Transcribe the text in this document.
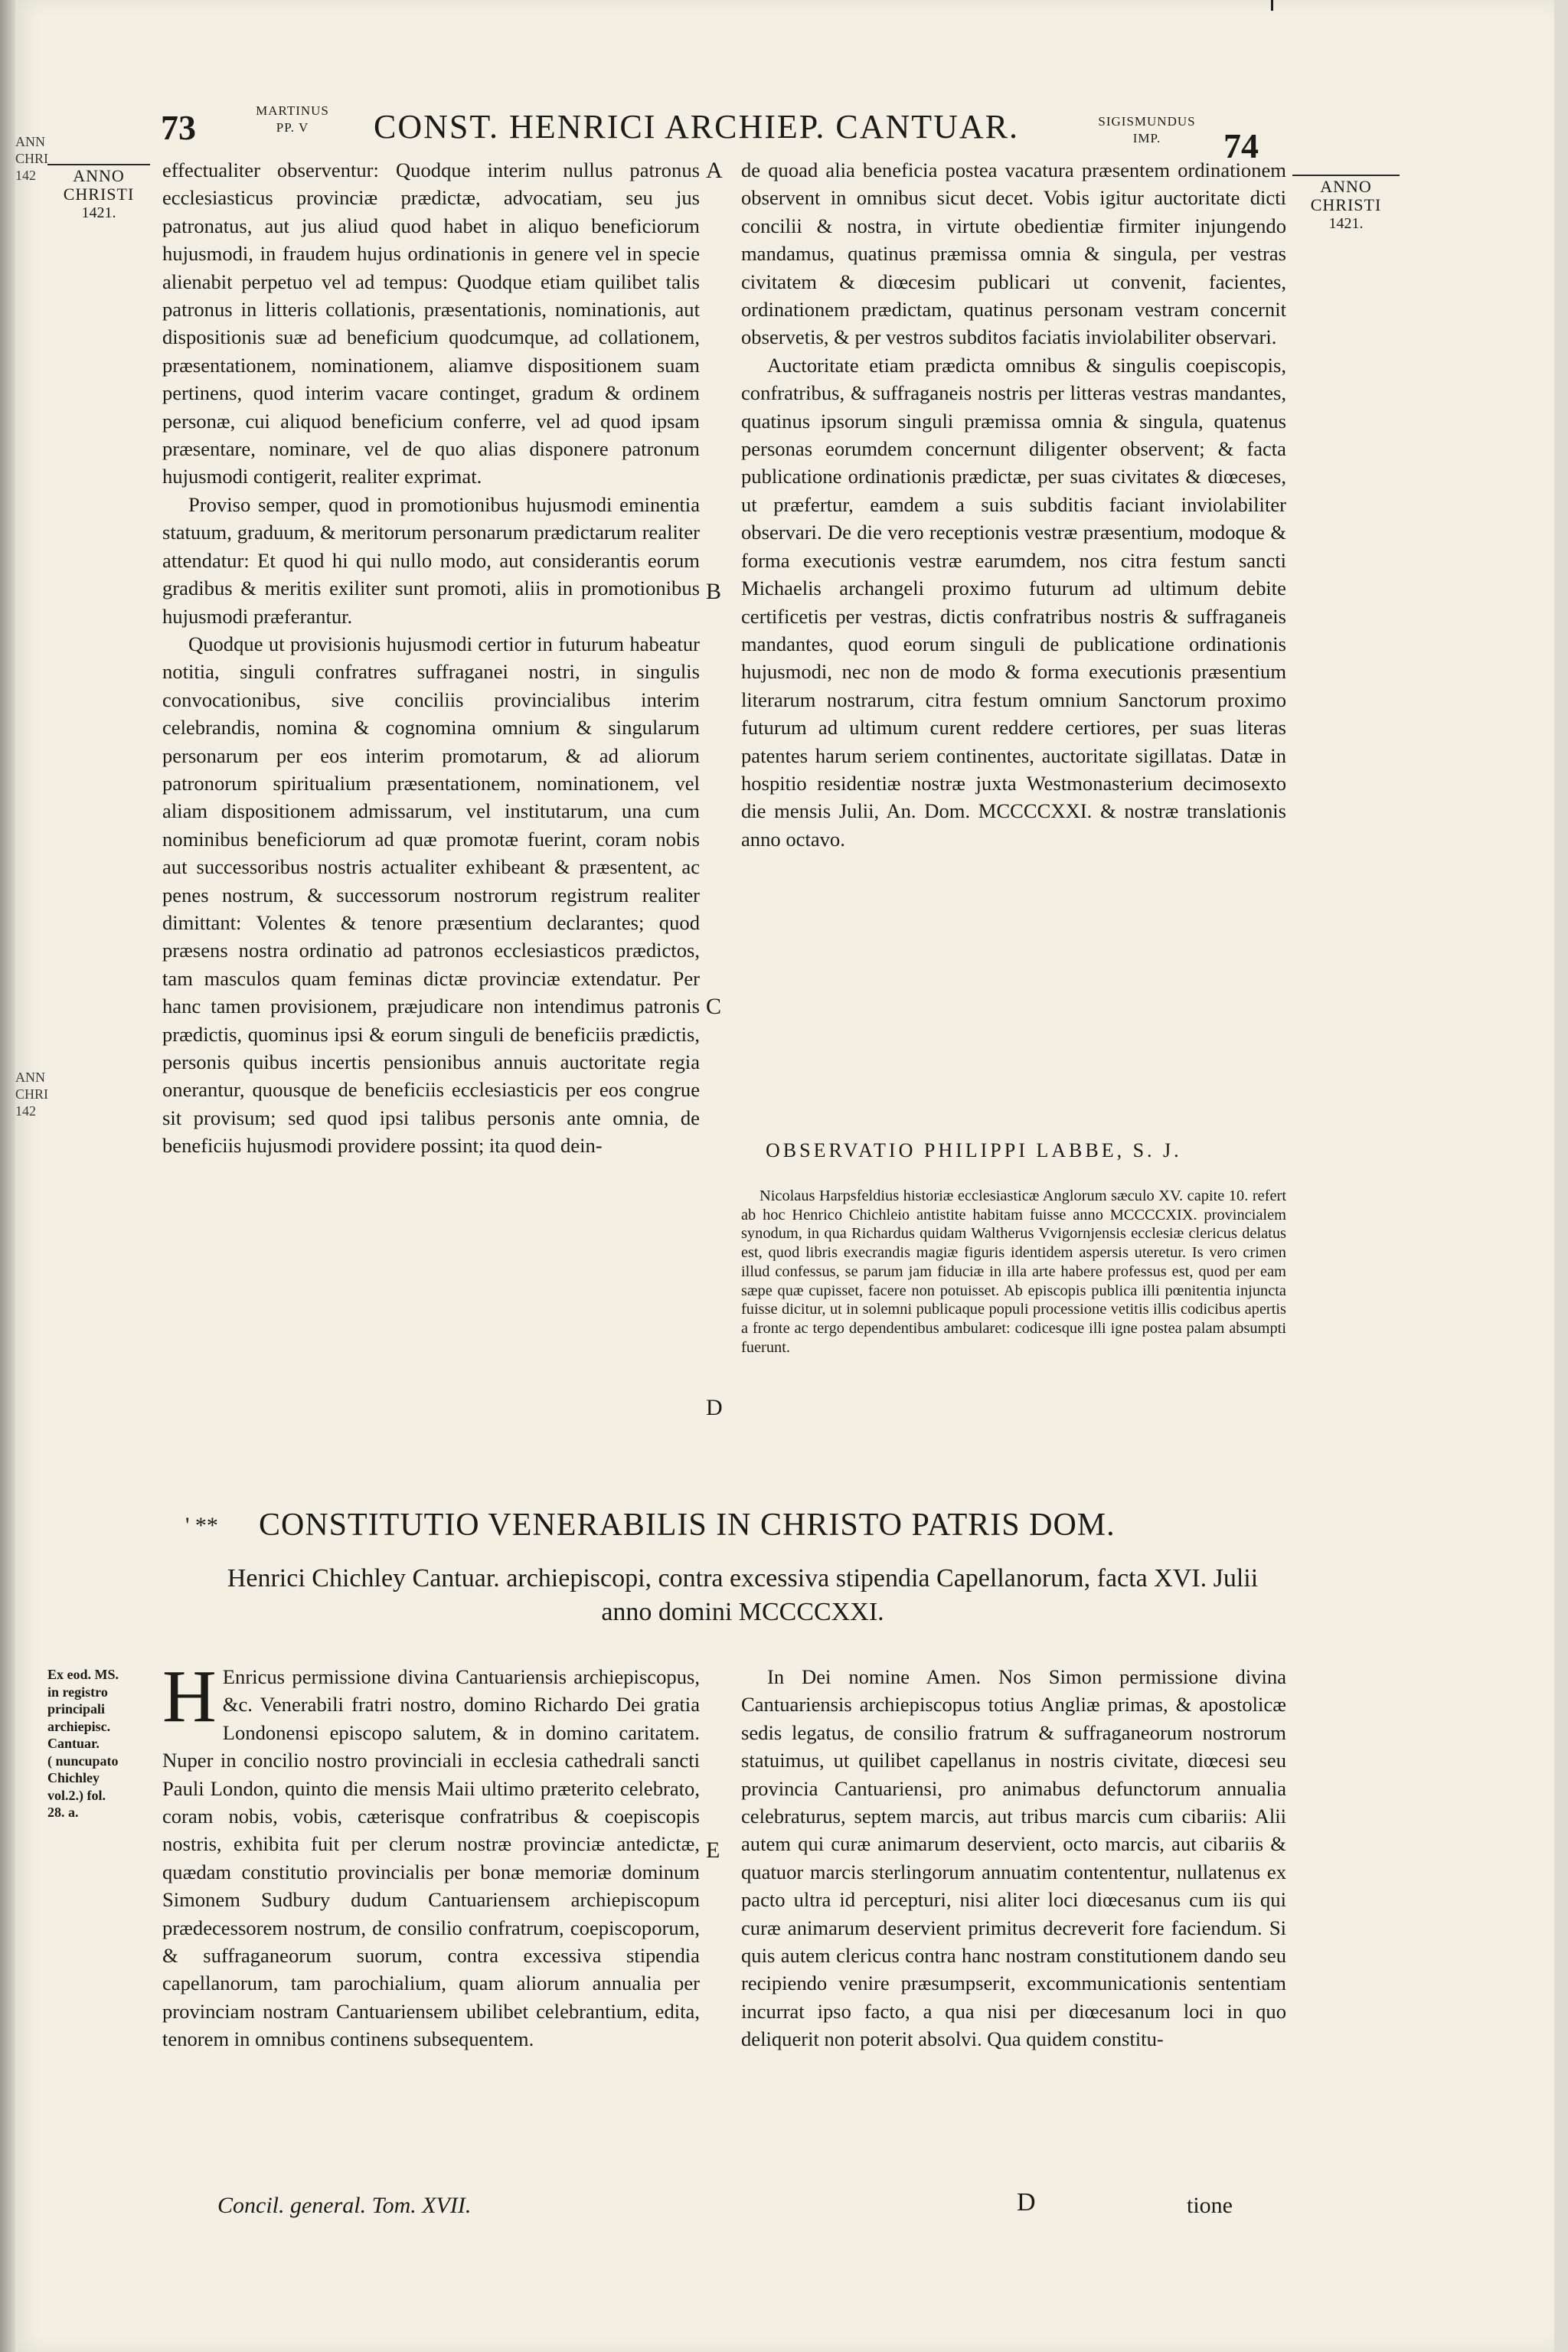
ANN
CHRI
142
ANN
CHRI
142
73	MARTINUS
PP. V	CONST. HENRICI ARCHIEP. CANTUAR.	SIGISMUNDUS
IMP.	74
ANNO
CHRISTI
1421.
ANNO
CHRISTI
1421.
A
B
C
D
E

effectualiter observentur: Quodque interim nullus patronus ecclesiasticus provinciæ prædictæ, advocatiam, seu jus patronatus, aut jus aliud quod habet in aliquo beneficiorum hujusmodi, in fraudem hujus ordinationis in genere vel in specie alienabit perpetuo vel ad tempus: Quodque etiam quilibet talis patronus in litteris collationis, præsentationis, nominationis, aut dispositionis suæ ad beneficium quodcumque, ad collationem, præsentationem, nominationem, aliamve dispositionem suam pertinens, quod interim vacare continget, gradum & ordinem personæ, cui aliquod beneficium conferre, vel ad quod ipsam præsentare, nominare, vel de quo alias disponere patronum hujusmodi contigerit, realiter exprimat.

Proviso semper, quod in promotionibus hujusmodi eminentia statuum, graduum, & meritorum personarum prædictarum realiter attendatur: Et quod hi qui nullo modo, aut considerantis eorum gradibus & meritis exiliter sunt promoti, aliis in promotionibus hujusmodi præferantur.

Quodque ut provisionis hujusmodi certior in futurum habeatur notitia, singuli confratres suffraganei nostri, in singulis convocationibus, sive conciliis provincialibus interim celebrandis, nomina & cognomina omnium & singularum personarum per eos interim promotarum, & ad aliorum patronorum spiritualium præsentationem, nominationem, vel aliam dispositionem admissarum, vel institutarum, una cum nominibus beneficiorum ad quæ promotæ fuerint, coram nobis aut successoribus nostris actualiter exhibeant & præsentent, ac penes nostrum, & successorum nostrorum registrum realiter dimittant: Volentes & tenore præsentium declarantes; quod præsens nostra ordinatio ad patronos ecclesiasticos prædictos, tam masculos quam feminas dictæ provinciæ extendatur. Per hanc tamen provisionem, præjudicare non intendimus patronis prædictis, quominus ipsi & eorum singuli de beneficiis prædictis, personis quibus incertis pensionibus annuis auctoritate regia onerantur, quousque de beneficiis ecclesiasticis per eos congrue sit provisum; sed quod ipsi talibus personis ante omnia, de beneficiis hujusmodi providere possint; ita quod dein-

de quoad alia beneficia postea vacatura præsentem ordinationem observent in omnibus sicut decet. Vobis igitur auctoritate dicti concilii & nostra, in virtute obedientiæ firmiter injungendo mandamus, quatinus præmissa omnia & singula, per vestras civitatem & diœcesim publicari ut convenit, facientes, ordinationem prædictam, quatinus personam vestram concernit observetis, & per vestros subditos faciatis inviolabiliter observari.

Auctoritate etiam prædicta omnibus & singulis coepiscopis, confratribus, & suffraganeis nostris per litteras vestras mandantes, quatinus ipsorum singuli præmissa omnia & singula, quatenus personas eorumdem concernunt diligenter observent; & facta publicatione ordinationis prædictæ, per suas civitates & diœceses, ut præfertur, eamdem a suis subditis faciant inviolabiliter observari. De die vero receptionis vestræ præsentium, modoque & forma executionis vestræ earumdem, nos citra festum sancti Michaelis archangeli proximo futurum ad ultimum debite certificetis per vestras, dictis confratribus nostris & suffraganeis mandantes, quod eorum singuli de publicatione ordinationis hujusmodi, nec non de modo & forma executionis præsentium literarum nostrarum, citra festum omnium Sanctorum proximo futurum ad ultimum curent reddere certiores, per suas literas patentes harum seriem continentes, auctoritate sigillatas. Datæ in hospitio residentiæ nostræ juxta Westmonasterium decimosexto die mensis Julii, An. Dom. MCCCCXXI. & nostræ translationis anno octavo.

OBSERVATIO PHILIPPI LABBE, S. J.

Nicolaus Harpsfeldius historiæ ecclesiasticæ Anglorum sæculo XV. capite 10. refert ab hoc Henrico Chichleio antistite habitam fuisse anno MCCCCXIX. provincialem synodum, in qua Richardus quidam Waltherus Vvigornjensis ecclesiæ clericus delatus est, quod libris execrandis magiæ figuris identidem aspersis uteretur. Is vero crimen illud confessus, se parum jam fiduciæ in illa arte habere professus est, quod per eam sæpe quæ cupisset, facere non potuisset. Ab episcopis publica illi pœnitentia injuncta fuisse dicitur, ut in solemni publicaque populi processione vetitis illis codicibus apertis a fronte ac tergo dependentibus ambularet: codicesque illi igne postea palam absumpti fuerunt.

' ** CONSTITUTIO VENERABILIS IN CHRISTO PATRIS DOM.
Henrici Chichley Cantuar. archiepiscopi, contra excessiva stipendia Capellanorum, facta XVI. Julii anno domini MCCCCXXI.
Ex eod. MS.
in registro
principali
archiepisc.
Cantuar.
( nuncupato
Chichley
vol.2.) fol.
28. a.
H Enricus permissione divina Cantuariensis archiepiscopus, &c. Venerabili fratri nostro, domino Richardo Dei gratia Londonensi episcopo salutem, & in domino caritatem. Nuper in concilio nostro provinciali in ecclesia cathedrali sancti Pauli London, quinto die mensis Maii ultimo præterito celebrato, coram nobis, vobis, cæterisque confratribus & coepiscopis nostris, exhibita fuit per clerum nostræ provinciæ antedictæ, quædam constitutio provincialis per bonæ memoriæ dominum Simonem Sudbury dudum Cantuariensem archiepiscopum prædecessorem nostrum, de consilio confratrum, coepiscoporum, & suffraganeorum suorum, contra excessiva stipendia capellanorum, tam parochialium, quam aliorum annualia per provinciam nostram Cantuariensem ubilibet celebrantium, edita, tenorem in omnibus continens subsequentem.

In Dei nomine Amen. Nos Simon permissione divina Cantuariensis archiepiscopus totius Angliæ primas, & apostolicæ sedis legatus, de consilio fratrum & suffraganeorum nostrorum statuimus, ut quilibet capellanus in nostris civitate, diœcesi seu provincia Cantuariensi, pro animabus defunctorum annualia celebraturus, septem marcis, aut tribus marcis cum cibariis: Alii autem qui curæ animarum deservient, octo marcis, aut cibariis & quatuor marcis sterlingorum annuatim contententur, nullatenus ex pacto ultra id percepturi, nisi aliter loci diœcesanus cum iis qui curæ animarum deservient primitus decreverit fore faciendum. Si quis autem clericus contra hanc nostram constitutionem dando seu recipiendo venire præsumpserit, excommunicationis sententiam incurrat ipso facto, a qua nisi per diœcesanum loci in quo deliquerit non poterit absolvi. Qua quidem constitu-

Concil. general. Tom. XVII.	D	tione
